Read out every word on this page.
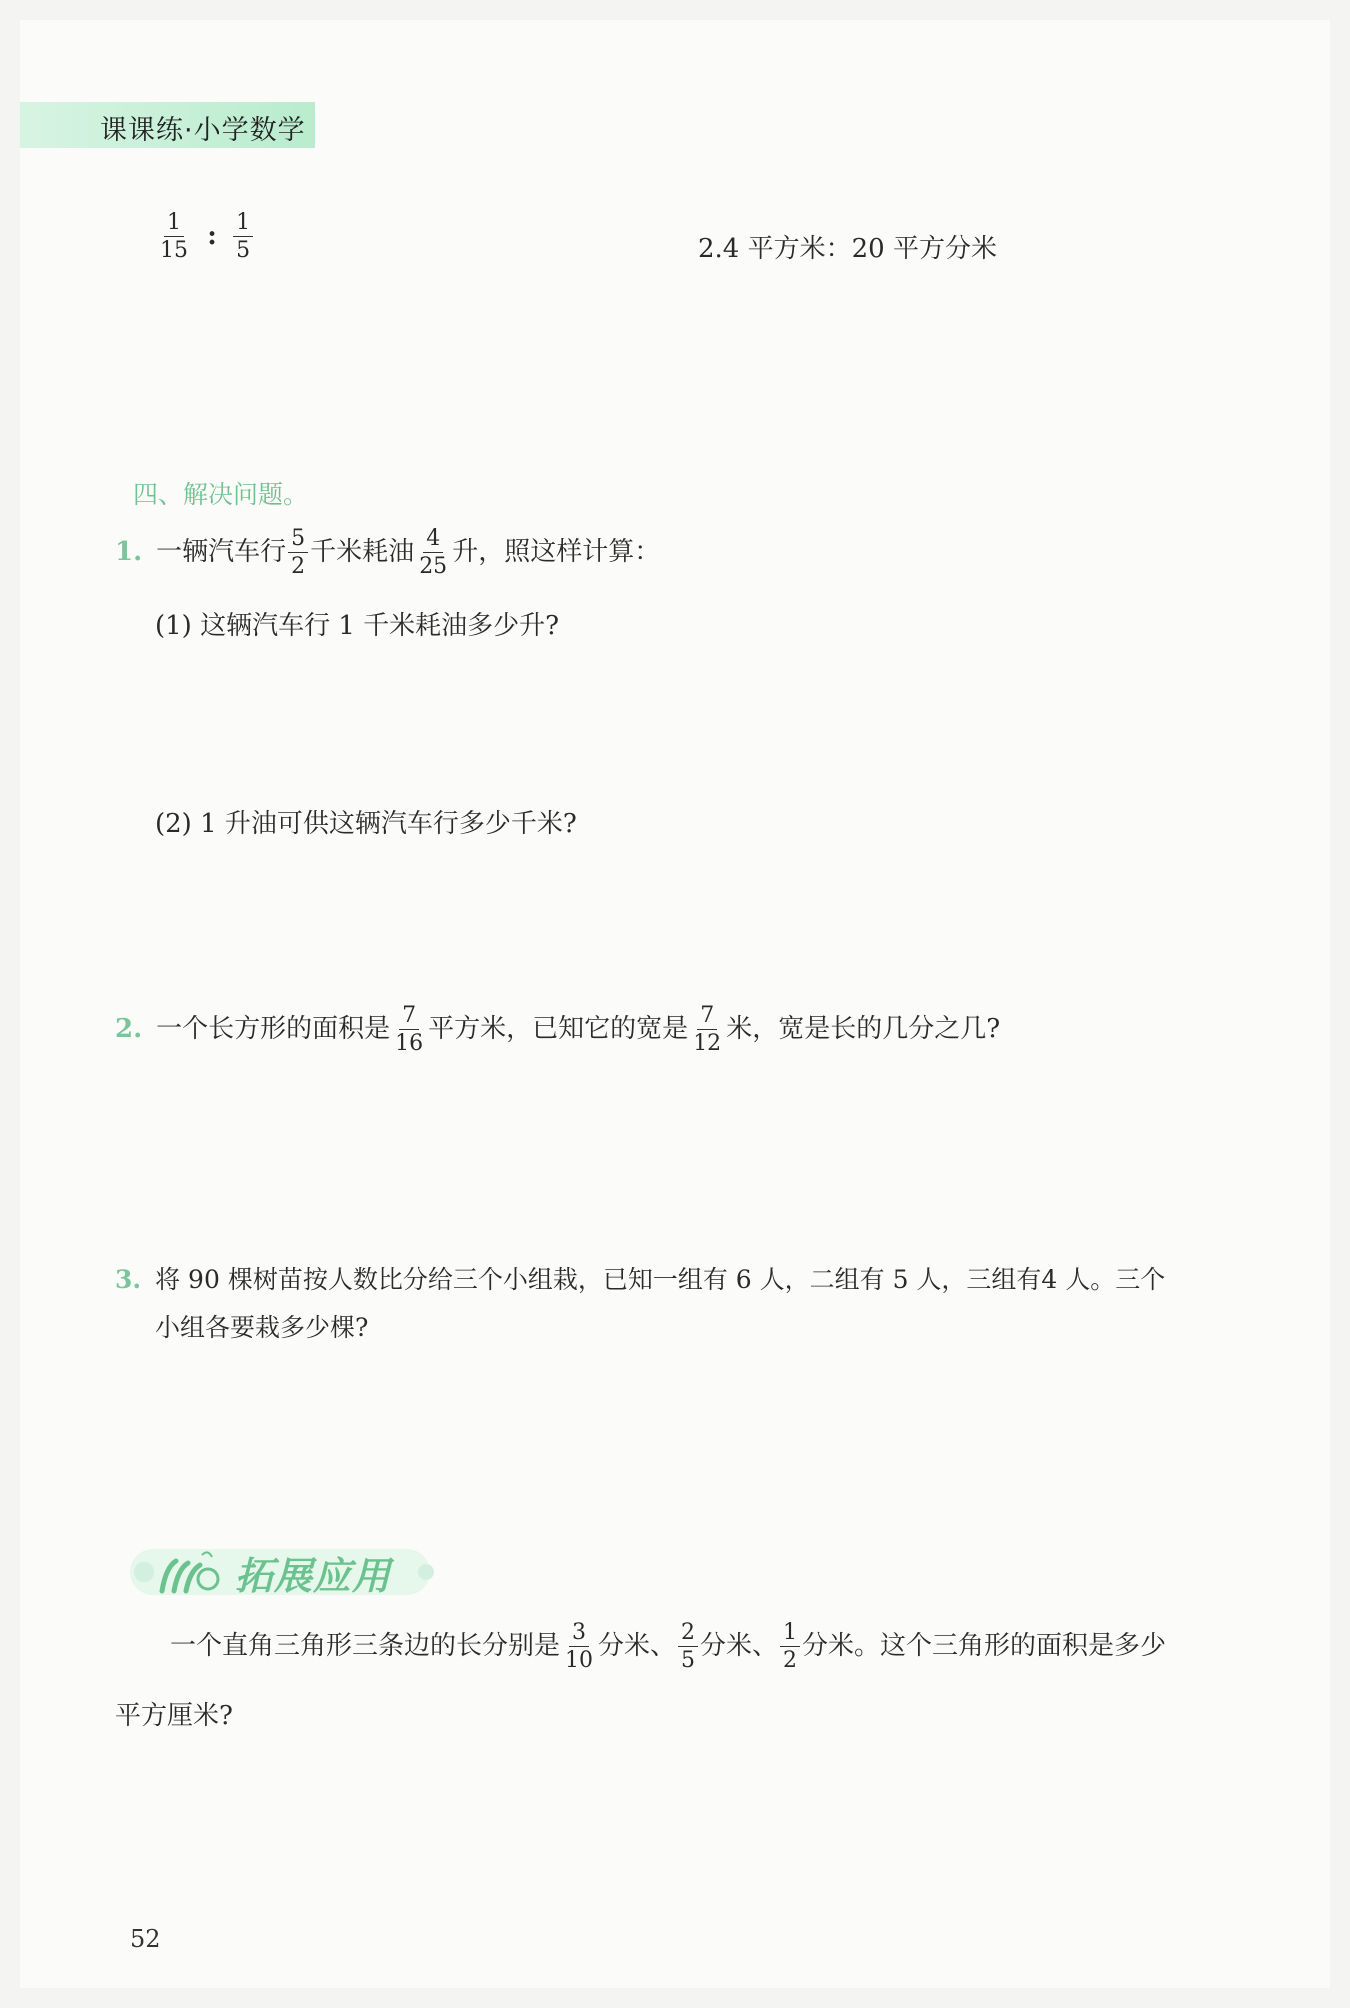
课课练·小学数学
$\frac{1}{15}$ : $\frac{1}{5}$	2.4 平方米：20 平方分米
四、解决问题。
1. 一辆汽车行 $\frac{5}{2}$ 千米耗油 $\frac{4}{25}$ 升，照这样计算：
(1) 这辆汽车行 1 千米耗油多少升?
(2) 1 升油可供这辆汽车行多少千米?
2. 一个长方形的面积是 $\frac{7}{16}$ 平方米，已知它的宽是 $\frac{7}{12}$ 米，宽是长的几分之几?
3. 将 90 棵树苗按人数比分给三个小组栽，已知一组有 6 人，二组有 5 人，三组有4 人。三个
小组各要栽多少棵?
拓展应用
一个直角三角形三条边的长分别是 $\frac{3}{10}$ 分米、 $\frac{2}{5}$ 分米、 $\frac{1}{2}$ 分米。这个三角形的面积是多少
平方厘米?
52
